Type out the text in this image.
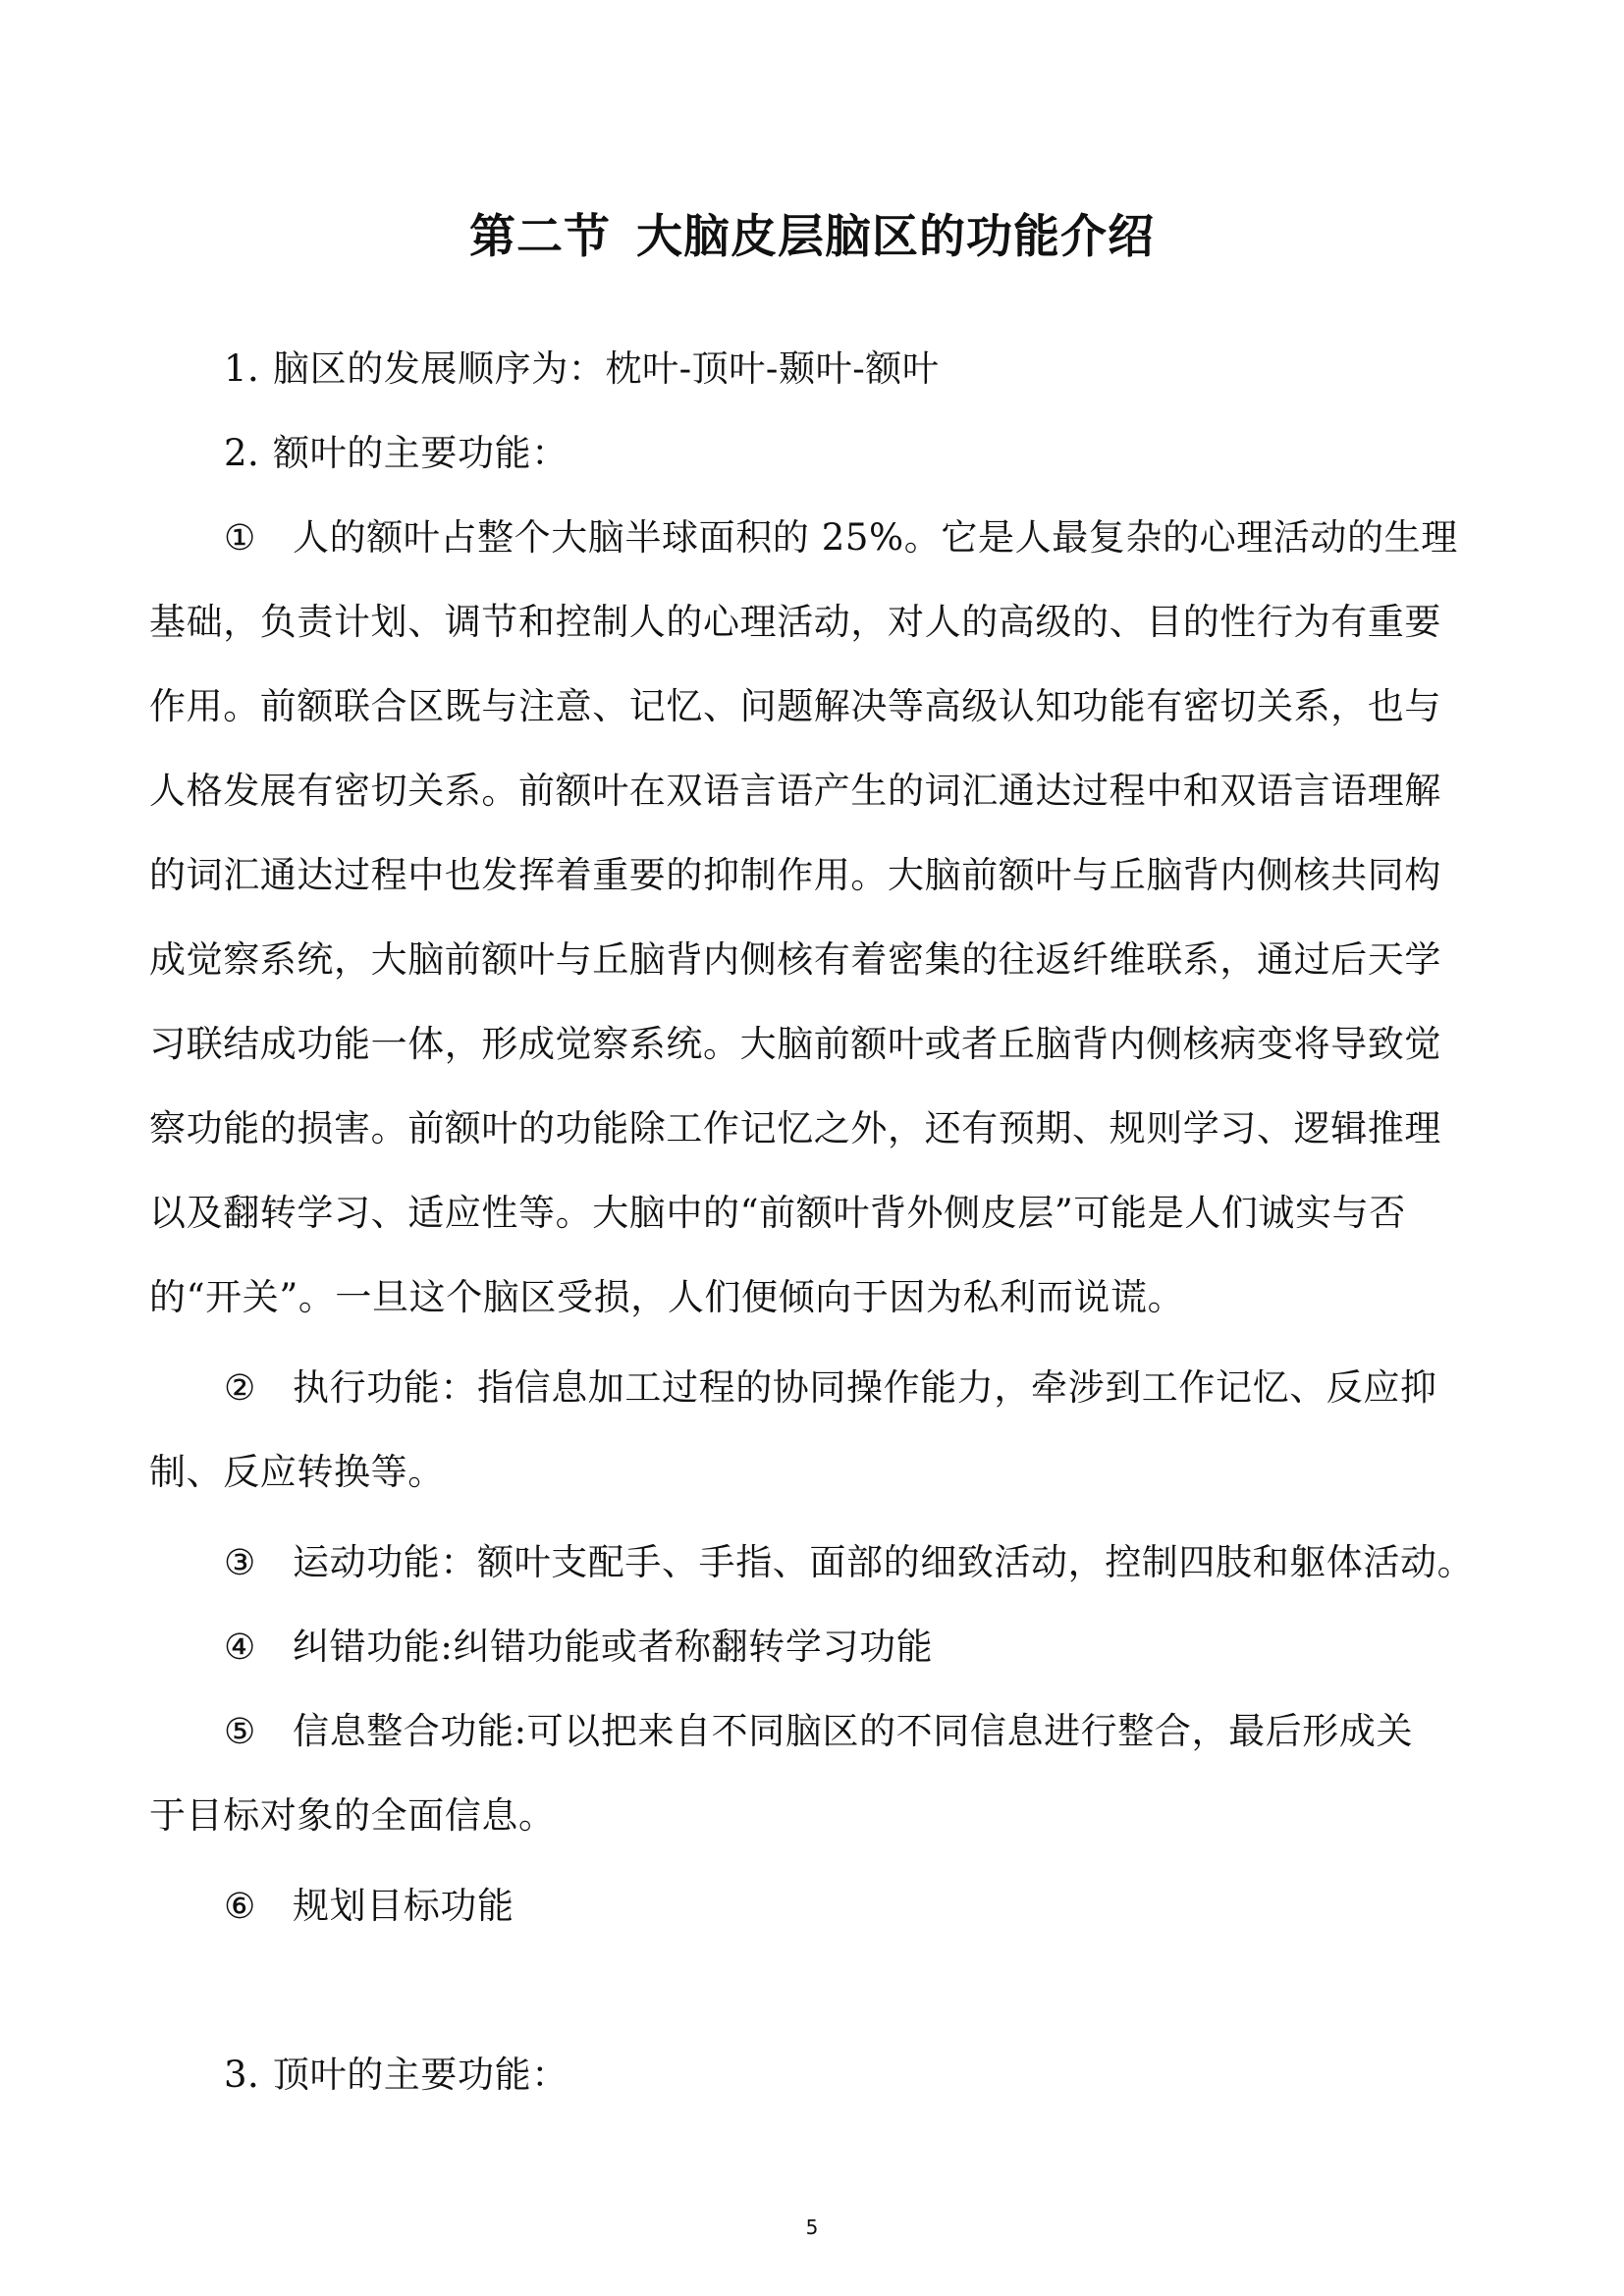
第二节 大脑皮层脑区的功能介绍
1．脑区的发展顺序为：枕叶-顶叶-颞叶-额叶
2．额叶的主要功能：
① 人的额叶占整个大脑半球面积的 25%。它是人最复杂的心理活动的生理
基础，负责计划、调节和控制人的心理活动，对人的高级的、目的性行为有重要
作用。前额联合区既与注意、记忆、问题解决等高级认知功能有密切关系，也与
人格发展有密切关系。前额叶在双语言语产生的词汇通达过程中和双语言语理解
的词汇通达过程中也发挥着重要的抑制作用。大脑前额叶与丘脑背内侧核共同构
成觉察系统，大脑前额叶与丘脑背内侧核有着密集的往返纤维联系，通过后天学
习联结成功能一体，形成觉察系统。大脑前额叶或者丘脑背内侧核病变将导致觉
察功能的损害。前额叶的功能除工作记忆之外，还有预期、规则学习、逻辑推理
以及翻转学习、适应性等。大脑中的“前额叶背外侧皮层”可能是人们诚实与否
的“开关”。一旦这个脑区受损，人们便倾向于因为私利而说谎。
② 执行功能：指信息加工过程的协同操作能力，牵涉到工作记忆、反应抑
制、反应转换等。
③ 运动功能：额叶支配手、手指、面部的细致活动，控制四肢和躯体活动。
④ 纠错功能:纠错功能或者称翻转学习功能
⑤ 信息整合功能:可以把来自不同脑区的不同信息进行整合，最后形成关
于目标对象的全面信息。
⑥ 规划目标功能
3．顶叶的主要功能：
5
